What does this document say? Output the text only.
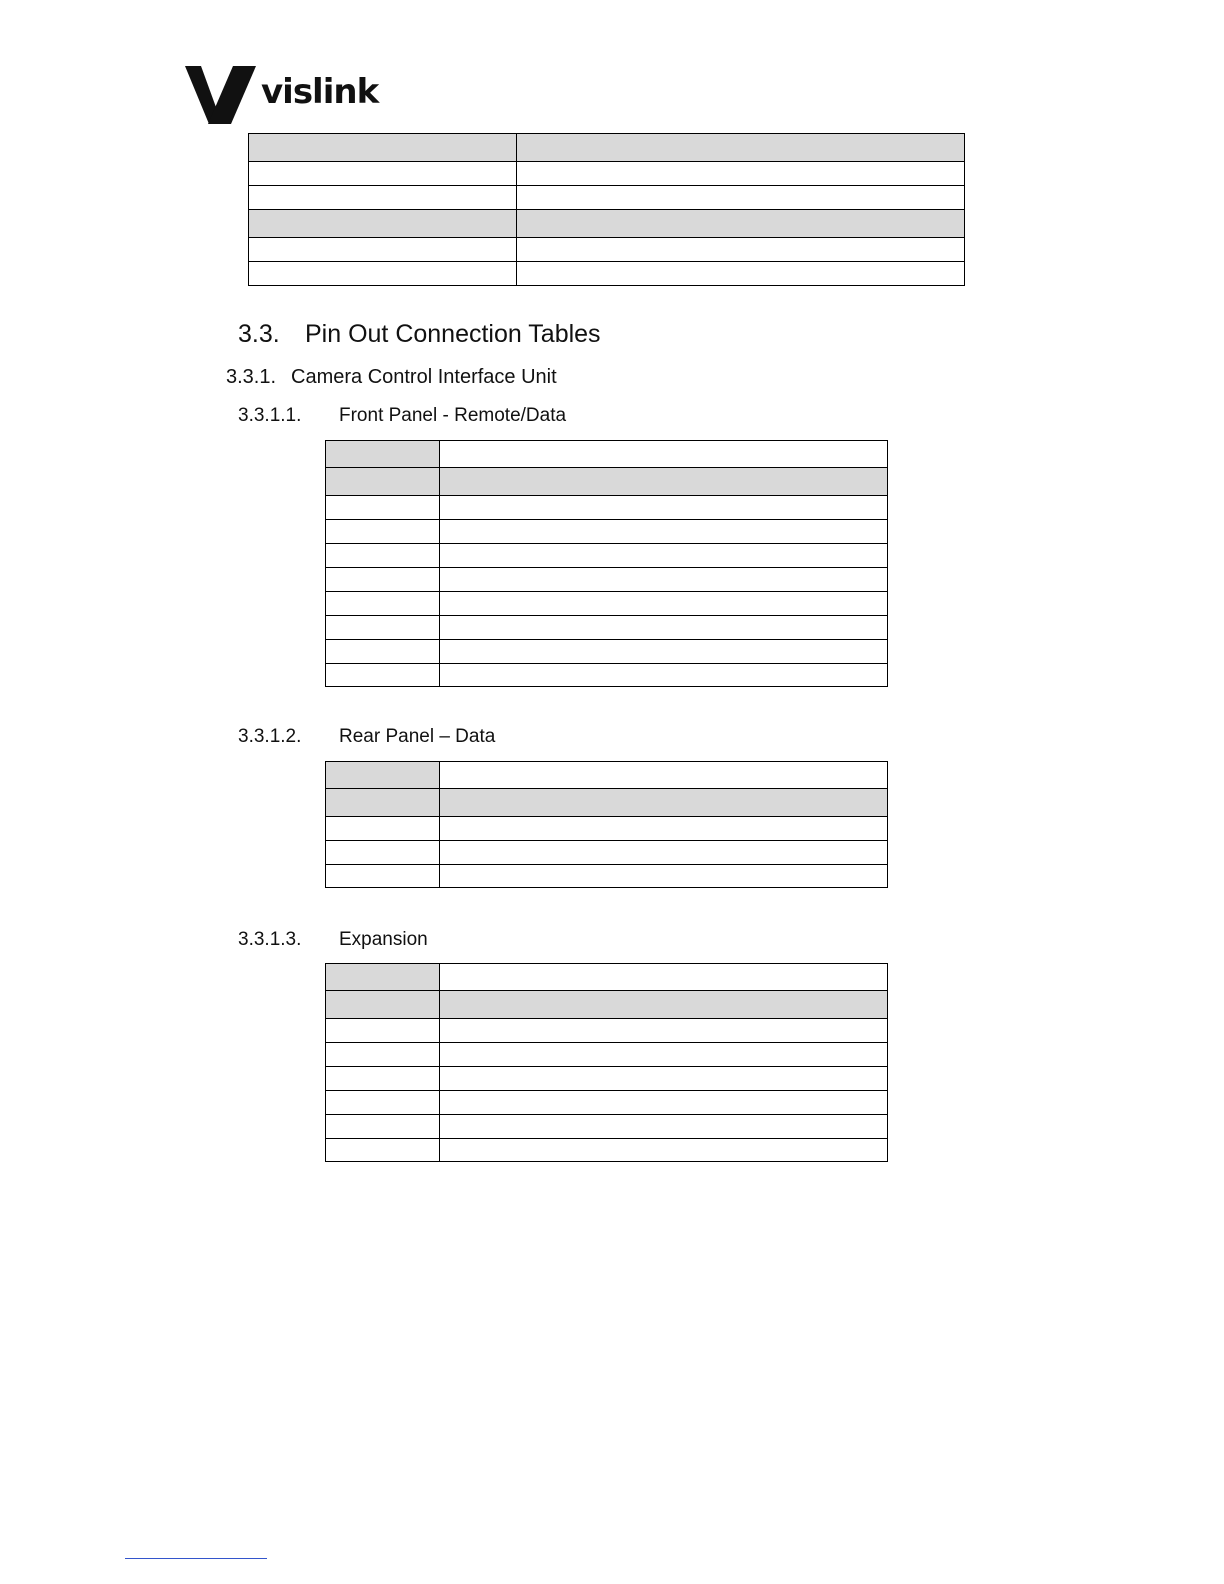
vislink

3.3. Pin Out Connection Tables
3.3.1. Camera Control Interface Unit
3.3.1.1. Front Panel - Remote/Data

3.3.1.2. Rear Panel – Data

3.3.1.3. Expansion
